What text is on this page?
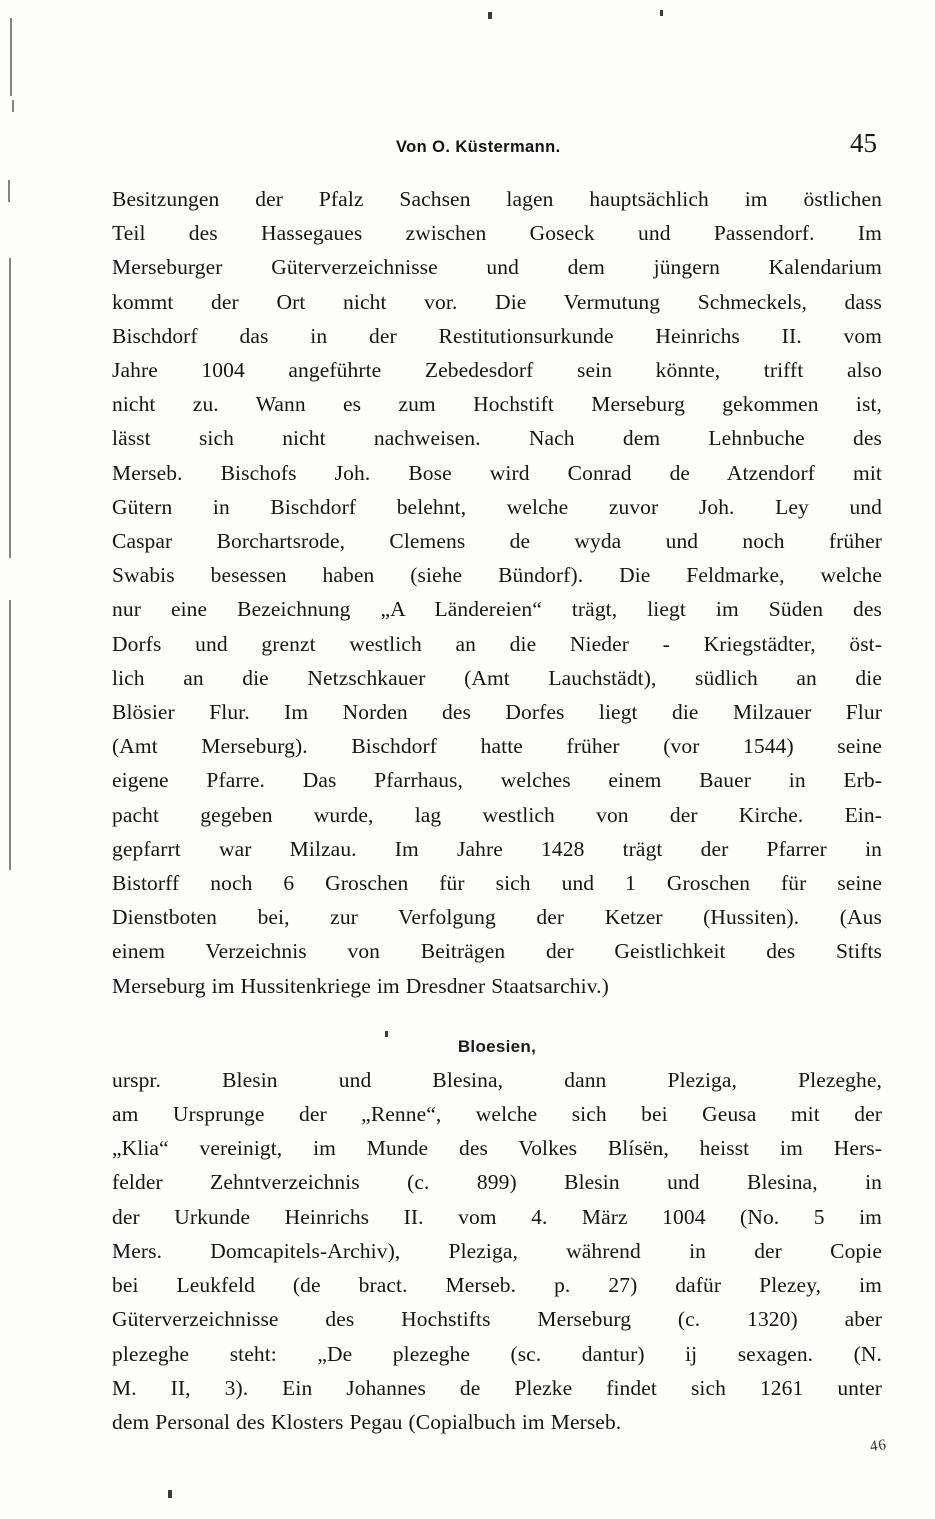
Von O. Küstermann.	45
Besitzungen der Pfalz Sachsen lagen hauptsächlich im östlichen
Teil des Hassegaues zwischen Goseck und Passendorf. Im
Merseburger Güterverzeichnisse und dem jüngern Kalendarium
kommt der Ort nicht vor. Die Vermutung Schmeckels, dass
Bischdorf das in der Restitutionsurkunde Heinrichs II. vom
Jahre 1004 angeführte Zebedesdorf sein könnte, trifft also
nicht zu. Wann es zum Hochstift Merseburg gekommen ist,
lässt sich nicht nachweisen. Nach dem Lehnbuche des
Merseb. Bischofs Joh. Bose wird Conrad de Atzendorf mit
Gütern in Bischdorf belehnt, welche zuvor Joh. Ley und
Caspar Borchartsrode, Clemens de wyda und noch früher
Swabis besessen haben (siehe Bündorf). Die Feldmarke, welche
nur eine Bezeichnung „A Ländereien“ trägt, liegt im Süden des
Dorfs und grenzt westlich an die Nieder - Kriegstädter, öst-
lich an die Netzschkauer (Amt Lauchstädt), südlich an die
Blösier Flur. Im Norden des Dorfes liegt die Milzauer Flur
(Amt Merseburg). Bischdorf hatte früher (vor 1544) seine
eigene Pfarre. Das Pfarrhaus, welches einem Bauer in Erb-
pacht gegeben wurde, lag westlich von der Kirche. Ein-
gepfarrt war Milzau. Im Jahre 1428 trägt der Pfarrer in
Bistorff noch 6 Groschen für sich und 1 Groschen für seine
Dienstboten bei, zur Verfolgung der Ketzer (Hussiten). (Aus
einem Verzeichnis von Beiträgen der Geistlichkeit des Stifts
Merseburg im Hussitenkriege im Dresdner Staatsarchiv.)
Bloesien,
urspr. Blesin und Blesina, dann Pleziga, Plezeghe,
am Ursprunge der „Renne“, welche sich bei Geusa mit der
„Klia“ vereinigt, im Munde des Volkes Blísën, heisst im Hers-
felder Zehntverzeichnis (c. 899) Blesin und Blesina, in
der Urkunde Heinrichs II. vom 4. März 1004 (No. 5 im
Mers. Domcapitels-Archiv), Pleziga, während in der Copie
bei Leukfeld (de bract. Merseb. p. 27) dafür Plezey, im
Güterverzeichnisse des Hochstifts Merseburg (c. 1320) aber
plezeghe steht: „De plezeghe (sc. dantur) ij sexagen. (N.
M. II, 3). Ein Johannes de Plezke findet sich 1261 unter
dem Personal des Klosters Pegau (Copialbuch im Merseb.
46
